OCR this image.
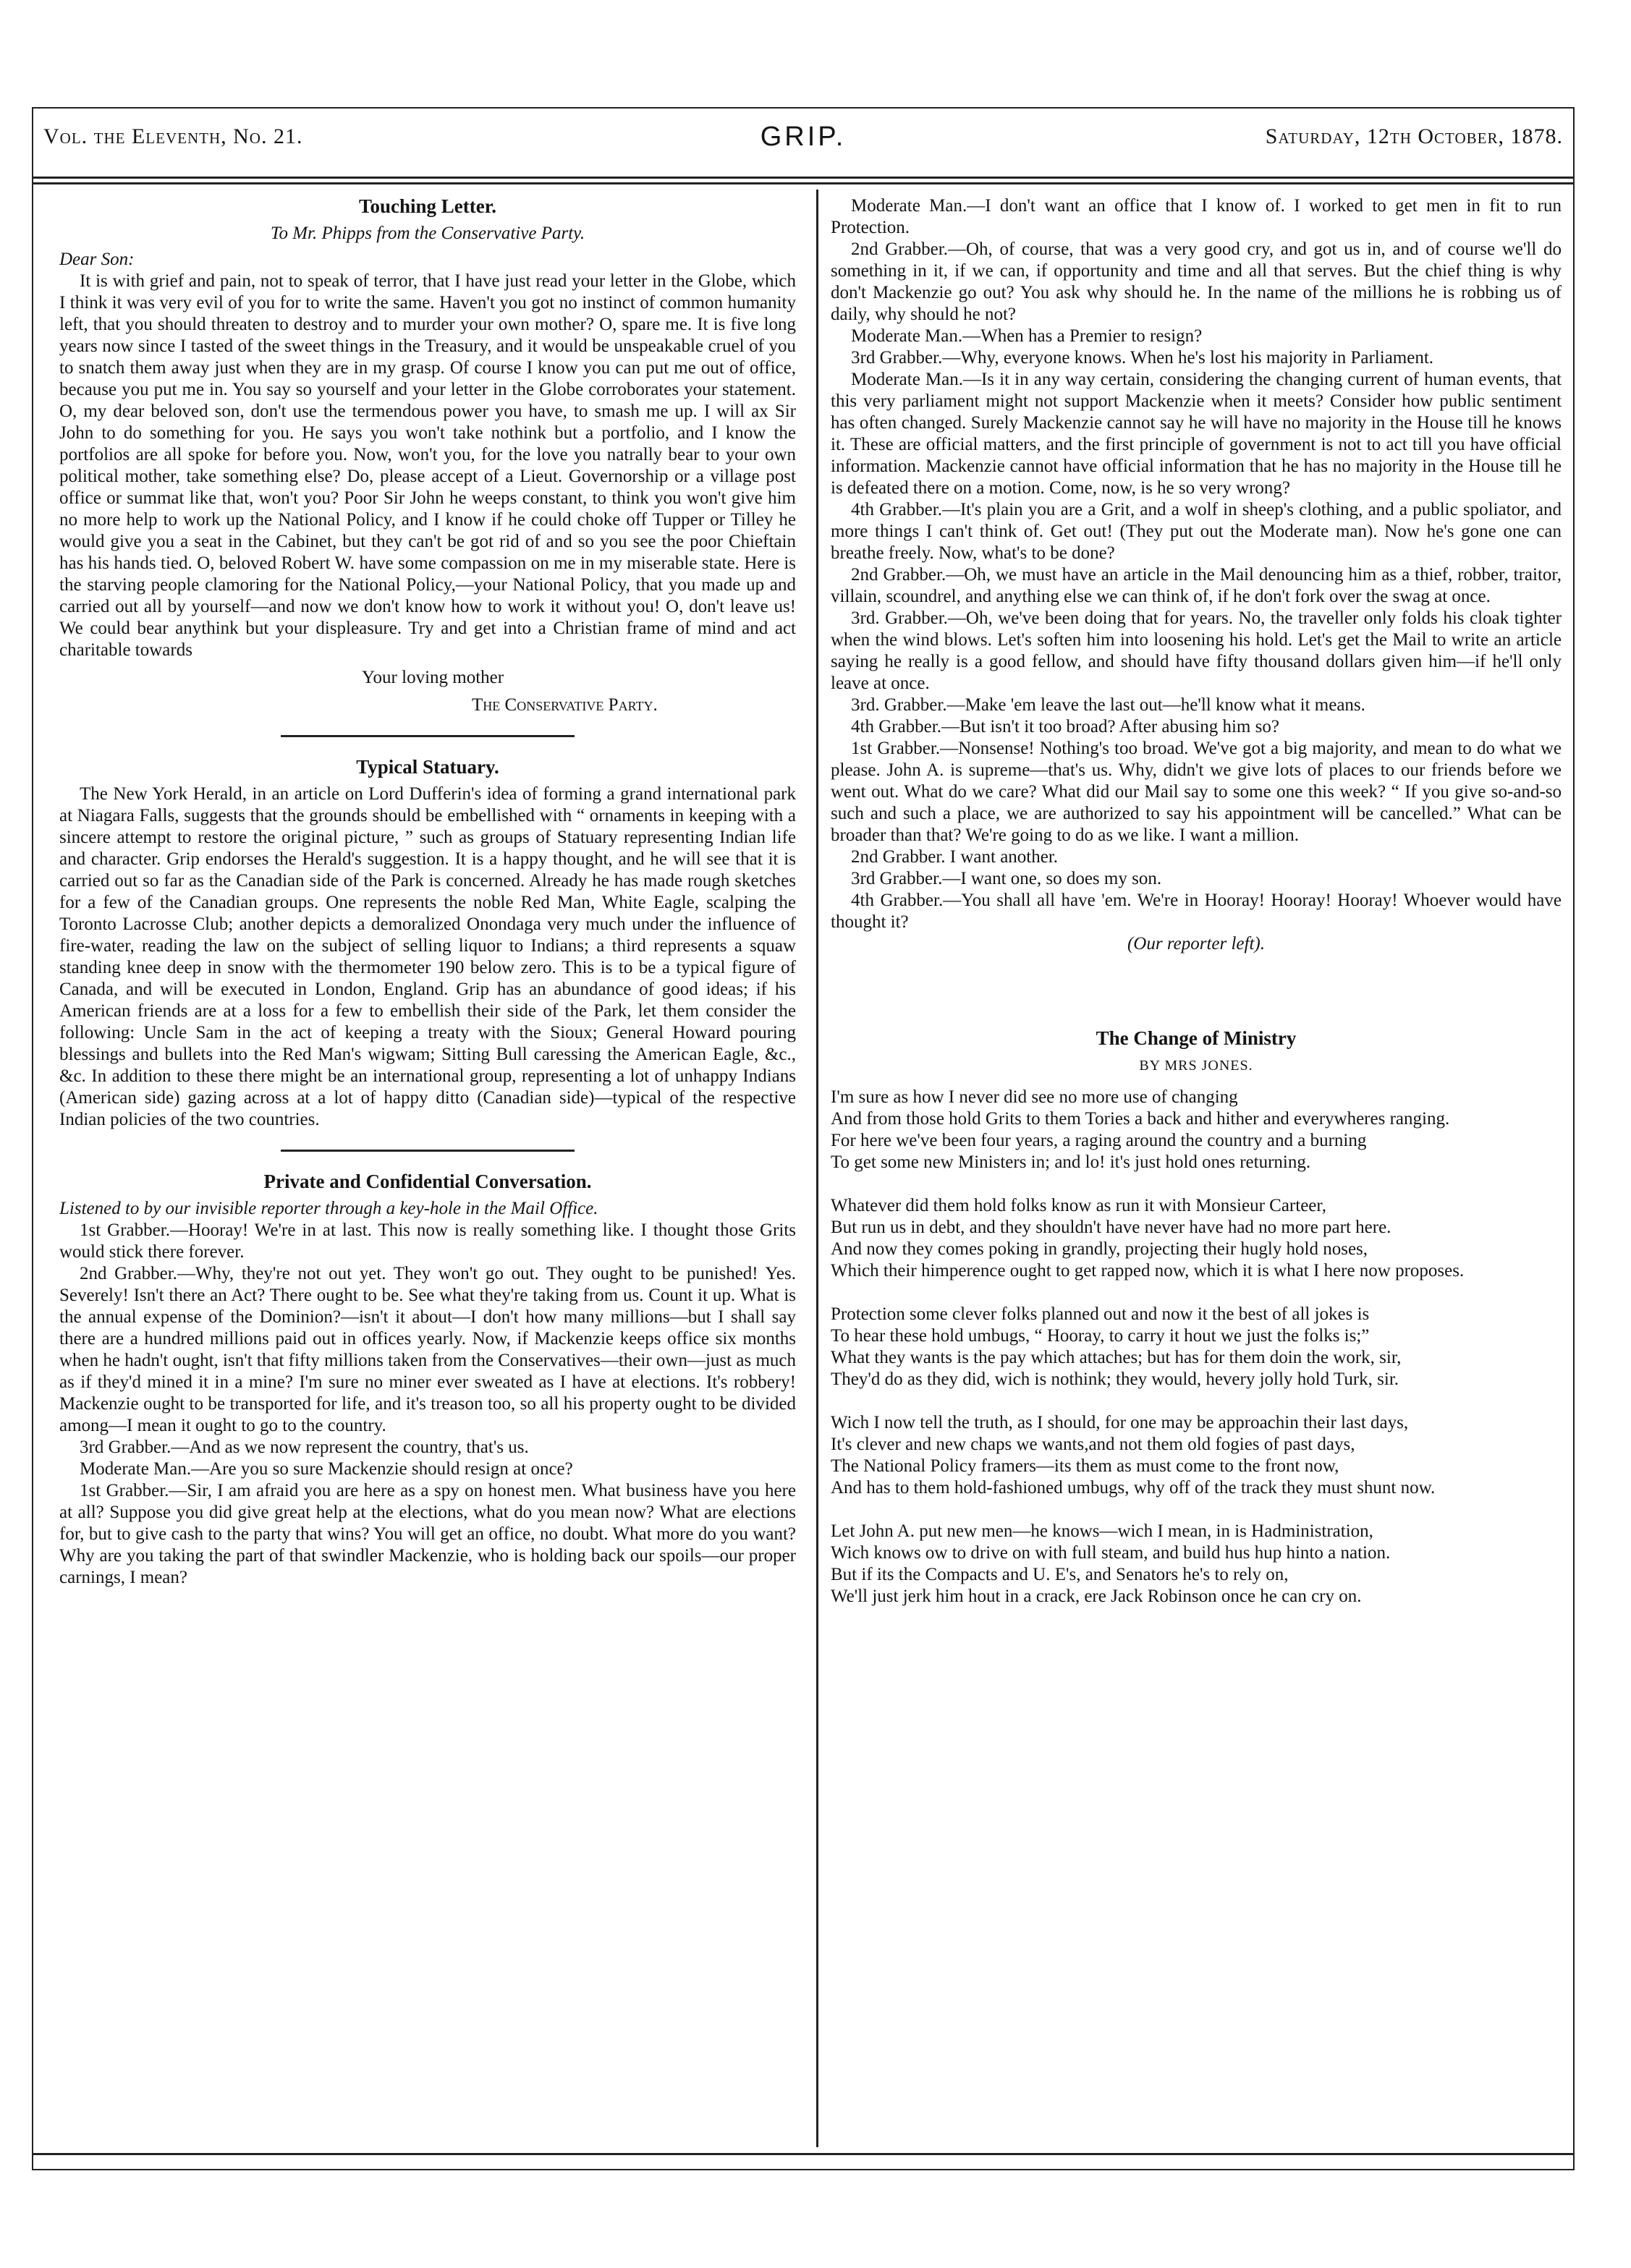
Vol. the Eleventh, No. 21.	GRIP.	Saturday, 12th October, 1878.
Touching Letter.
To Mr. Phipps from the Conservative Party.

Dear Son:

It is with grief and pain, not to speak of terror, that I have just read your letter in the Globe, which I think it was very evil of you for to write the same. Haven't you got no instinct of common humanity left, that you should threaten to destroy and to murder your own mother? O, spare me. It is five long years now since I tasted of the sweet things in the Treasury, and it would be unspeakable cruel of you to snatch them away just when they are in my grasp. Of course I know you can put me out of office, because you put me in. You say so yourself and your letter in the Globe corroborates your statement. O, my dear beloved son, don't use the termendous power you have, to smash me up. I will ax Sir John to do something for you. He says you won't take nothink but a portfolio, and I know the portfolios are all spoke for before you. Now, won't you, for the love you natrally bear to your own political mother, take something else? Do, please accept of a Lieut. Governorship or a village post office or summat like that, won't you? Poor Sir John he weeps constant, to think you won't give him no more help to work up the National Policy, and I know if he could choke off Tupper or Tilley he would give you a seat in the Cabinet, but they can't be got rid of and so you see the poor Chieftain has his hands tied. O, beloved Robert W. have some compassion on me in my miserable state. Here is the starving people clamoring for the National Policy,—your National Policy, that you made up and carried out all by yourself—and now we don't know how to work it without you! O, don't leave us! We could bear anythink but your displeasure. Try and get into a Christian frame of mind and act charitable towards

Your loving mother

The Conservative Party.

Typical Statuary.

The New York Herald, in an article on Lord Dufferin's idea of forming a grand international park at Niagara Falls, suggests that the grounds should be embellished with “ ornaments in keeping with a sincere attempt to restore the original picture, ” such as groups of Statuary representing Indian life and character. Grip endorses the Herald's suggestion. It is a happy thought, and he will see that it is carried out so far as the Canadian side of the Park is concerned. Already he has made rough sketches for a few of the Canadian groups. One represents the noble Red Man, White Eagle, scalping the Toronto Lacrosse Club; another depicts a demoralized Onondaga very much under the influence of fire-water, reading the law on the subject of selling liquor to Indians; a third represents a squaw standing knee deep in snow with the thermometer 190 below zero. This is to be a typical figure of Canada, and will be executed in London, England. Grip has an abundance of good ideas; if his American friends are at a loss for a few to embellish their side of the Park, let them consider the following: Uncle Sam in the act of keeping a treaty with the Sioux; General Howard pouring blessings and bullets into the Red Man's wigwam; Sitting Bull caressing the American Eagle, &c., &c. In addition to these there might be an international group, representing a lot of unhappy Indians (American side) gazing across at a lot of happy ditto (Canadian side)—typical of the respective Indian policies of the two countries.

Private and Confidential Conversation.

Listened to by our invisible reporter through a key-hole in the Mail Office.

1st Grabber.—Hooray! We're in at last. This now is really something like. I thought those Grits would stick there forever.

2nd Grabber.—Why, they're not out yet. They won't go out. They ought to be punished! Yes. Severely! Isn't there an Act? There ought to be. See what they're taking from us. Count it up. What is the annual expense of the Dominion?—isn't it about—I don't how many millions—but I shall say there are a hundred millions paid out in offices yearly. Now, if Mackenzie keeps office six months when he hadn't ought, isn't that fifty millions taken from the Conservatives—their own—just as much as if they'd mined it in a mine? I'm sure no miner ever sweated as I have at elections. It's robbery! Mackenzie ought to be transported for life, and it's treason too, so all his property ought to be divided among—I mean it ought to go to the country.

3rd Grabber.—And as we now represent the country, that's us.

Moderate Man.—Are you so sure Mackenzie should resign at once?

1st Grabber.—Sir, I am afraid you are here as a spy on honest men. What business have you here at all? Suppose you did give great help at the elections, what do you mean now? What are elections for, but to give cash to the party that wins? You will get an office, no doubt. What more do you want? Why are you taking the part of that swindler Mackenzie, who is holding back our spoils—our proper carnings, I mean?

Moderate Man.—I don't want an office that I know of. I worked to get men in fit to run Protection.

2nd Grabber.—Oh, of course, that was a very good cry, and got us in, and of course we'll do something in it, if we can, if opportunity and time and all that serves. But the chief thing is why don't Mackenzie go out? You ask why should he. In the name of the millions he is robbing us of daily, why should he not?

Moderate Man.—When has a Premier to resign?

3rd Grabber.—Why, everyone knows. When he's lost his majority in Parliament.

Moderate Man.—Is it in any way certain, considering the changing current of human events, that this very parliament might not support Mackenzie when it meets? Consider how public sentiment has often changed. Surely Mackenzie cannot say he will have no majority in the House till he knows it. These are official matters, and the first principle of government is not to act till you have official information. Mackenzie cannot have official information that he has no majority in the House till he is defeated there on a motion. Come, now, is he so very wrong?

4th Grabber.—It's plain you are a Grit, and a wolf in sheep's clothing, and a public spoliator, and more things I can't think of. Get out! (They put out the Moderate man). Now he's gone one can breathe freely. Now, what's to be done?

2nd Grabber.—Oh, we must have an article in the Mail denouncing him as a thief, robber, traitor, villain, scoundrel, and anything else we can think of, if he don't fork over the swag at once.

3rd. Grabber.—Oh, we've been doing that for years. No, the traveller only folds his cloak tighter when the wind blows. Let's soften him into loosening his hold. Let's get the Mail to write an article saying he really is a good fellow, and should have fifty thousand dollars given him—if he'll only leave at once.

3rd. Grabber.—Make 'em leave the last out—he'll know what it means.

4th Grabber.—But isn't it too broad? After abusing him so?

1st Grabber.—Nonsense! Nothing's too broad. We've got a big majority, and mean to do what we please. John A. is supreme—that's us. Why, didn't we give lots of places to our friends before we went out. What do we care? What did our Mail say to some one this week? “ If you give so-and-so such and such a place, we are authorized to say his appointment will be cancelled.” What can be broader than that? We're going to do as we like. I want a million.

2nd Grabber. I want another.

3rd Grabber.—I want one, so does my son.

4th Grabber.—You shall all have 'em. We're in Hooray! Hooray! Hooray! Whoever would have thought it?

(Our reporter left).

The Change of Ministry
BY MRS JONES.

I'm sure as how I never did see no more use of changing

And from those hold Grits to them Tories a back and hither and everywheres ranging.

For here we've been four years, a raging around the country and a burning

To get some new Ministers in; and lo! it's just hold ones returning.

Whatever did them hold folks know as run it with Monsieur Carteer,

But run us in debt, and they shouldn't have never have had no more part here.

And now they comes poking in grandly, projecting their hugly hold noses,

Which their himperence ought to get rapped now, which it is what I here now proposes.

Protection some clever folks planned out and now it the best of all jokes is

To hear these hold umbugs, “ Hooray, to carry it hout we just the folks is;”

What they wants is the pay which attaches; but has for them doin the work, sir,

They'd do as they did, wich is nothink; they would, hevery jolly hold Turk, sir.

Wich I now tell the truth, as I should, for one may be approachin their last days,

It's clever and new chaps we wants,and not them old fogies of past days,

The National Policy framers—its them as must come to the front now,

And has to them hold-fashioned umbugs, why off of the track they must shunt now.

Let John A. put new men—he knows—wich I mean, in is Hadministration,

Wich knows ow to drive on with full steam, and build hus hup hinto a nation.

But if its the Compacts and U. E's, and Senators he's to rely on,

We'll just jerk him hout in a crack, ere Jack Robinson once he can cry on.
